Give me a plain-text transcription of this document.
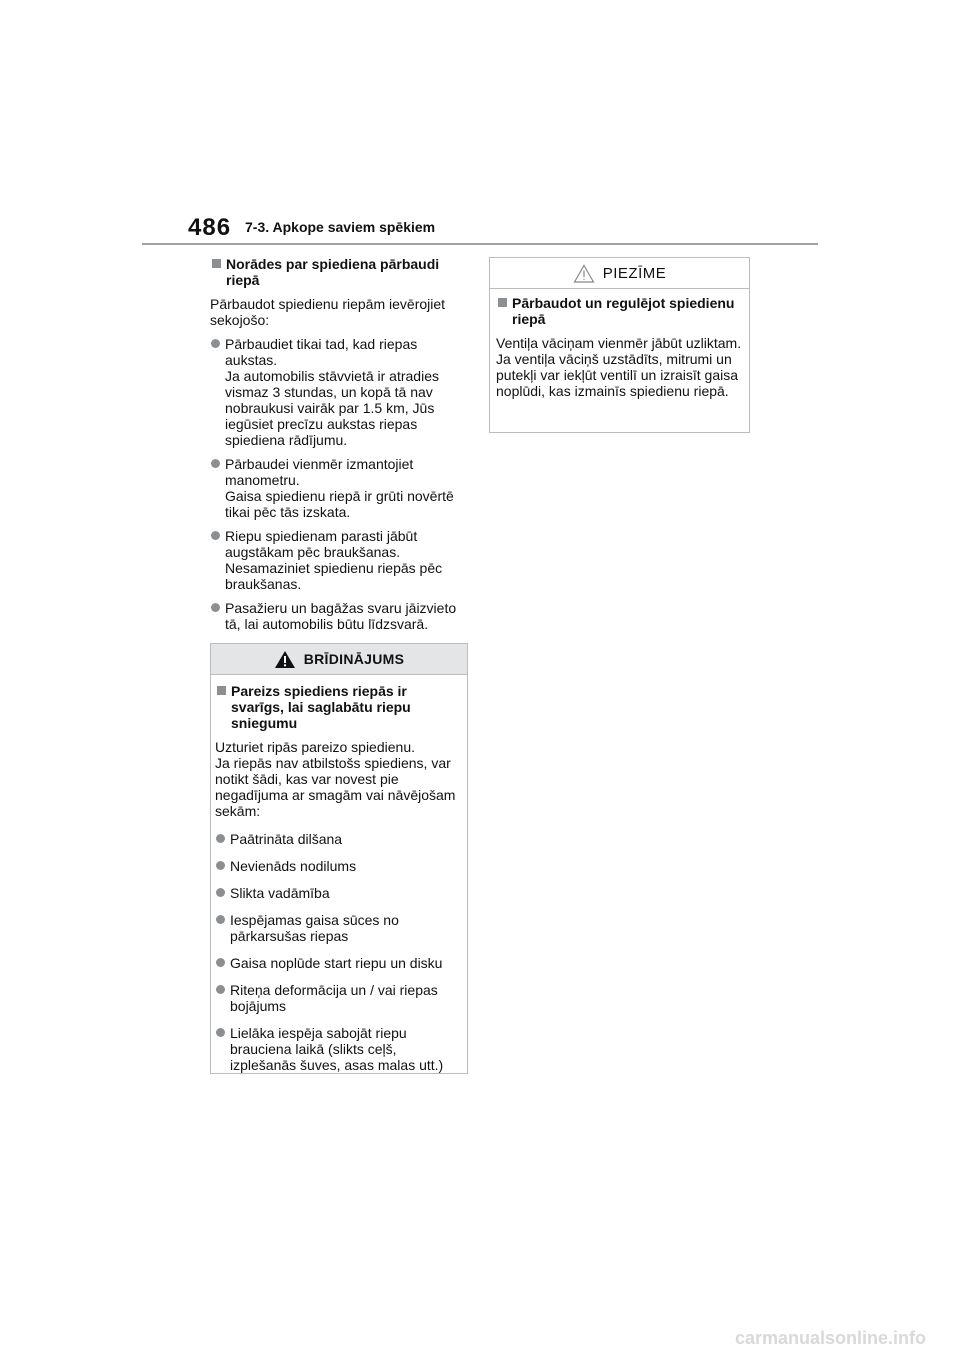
486 7-3. Apkope saviem spēkiem
Norādes par spiediena pārbaudi riepā

Pārbaudot spiedienu riepām ievērojiet sekojošo:

Pārbaudiet tikai tad, kad riepas aukstas.
Ja automobilis stāvvietā ir atradies vismaz 3 stundas, un kopā tā nav nobraukusi vairāk par 1.5 km, Jūs iegūsiet precīzu aukstas riepas spiediena rādījumu.
Pārbaudei vienmēr izmantojiet manometru.
Gaisa spiedienu riepā ir grūti novērtē tikai pēc tās izskata.
Riepu spiedienam parasti jābūt augstākam pēc braukšanas. Nesamaziniet spiedienu riepās pēc braukšanas.
Pasažieru un bagāžas svaru jāizvieto tā, lai automobilis būtu līdzsvarā.
BRĪDINĀJUMS
Pareizs spiediens riepās ir svarīgs, lai saglabātu riepu sniegumu

Uzturiet ripās pareizo spiedienu.
Ja riepās nav atbilstošs spiediens, var notikt šādi, kas var novest pie negadījuma ar smagām vai nāvējošam sekām:

Paātrināta dilšana
Nevienāds nodilums
Slikta vadāmība
Iespējamas gaisa sūces no pārkarsušas riepas
Gaisa noplūde start riepu un disku
Riteņa deformācija un / vai riepas bojājums
Lielāka iespēja sabojāt riepu brauciena laikā (slikts ceļš, izplešanās šuves, asas malas utt.)
PIEZĪME
Pārbaudot un regulējot spiedienu riepā

Ventiļa vāciņam vienmēr jābūt uzliktam.
Ja ventiļa vāciņš uzstādīts, mitrumi un putekļi var iekļūt ventilī un izraisīt gaisa noplūdi, kas izmainīs spiedienu riepā.

carmanualsonline.info
